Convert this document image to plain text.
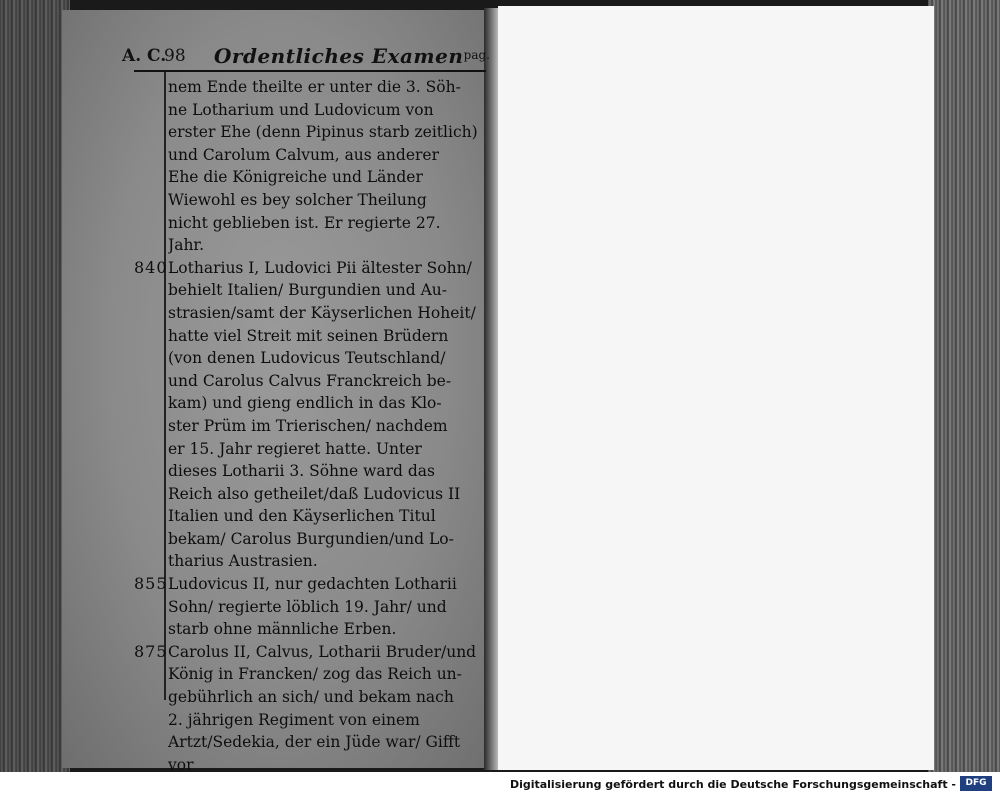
A. C.
98 Ordentliches Examen pag.
nem Ende theilte er unter die 3. Söh-
ne Lotharium und Ludovicum von
erster Ehe (denn Pipinus starb zeitlich)
und Carolum Calvum, aus anderer
Ehe die Königreiche und Länder
Wiewohl es bey solcher Theilung
nicht geblieben ist. Er regierte 27.
Jahr.
840 Lotharius I, Ludovici Pii ältester Sohn/
behielt Italien/ Burgundien und Au-
strasien/samt der Käyserlichen Hoheit/
hatte viel Streit mit seinen Brüdern
(von denen Ludovicus Teutschland/
und Carolus Calvus Franckreich be-
kam) und gieng endlich in das Klo-
ster Prüm im Trierischen/ nachdem
er 15. Jahr regieret hatte. Unter
dieses Lotharii 3. Söhne ward das
Reich also getheilet/daß Ludovicus II
Italien und den Käyserlichen Titul
bekam/ Carolus Burgundien/und Lo-
tharius Austrasien.
855 Ludovicus II, nur gedachten Lotharii
Sohn/ regierte löblich 19. Jahr/ und
starb ohne männliche Erben.
875 Carolus II, Calvus, Lotharii Bruder/und
König in Francken/ zog das Reich un-
gebührlich an sich/ und bekam nach
2. jährigen Regiment von einem
Artzt/Sedekia, der ein Jüde war/ Gifft
vor
Digitalisierung gefördert durch die Deutsche Forschungsgemeinschaft -	DFG
